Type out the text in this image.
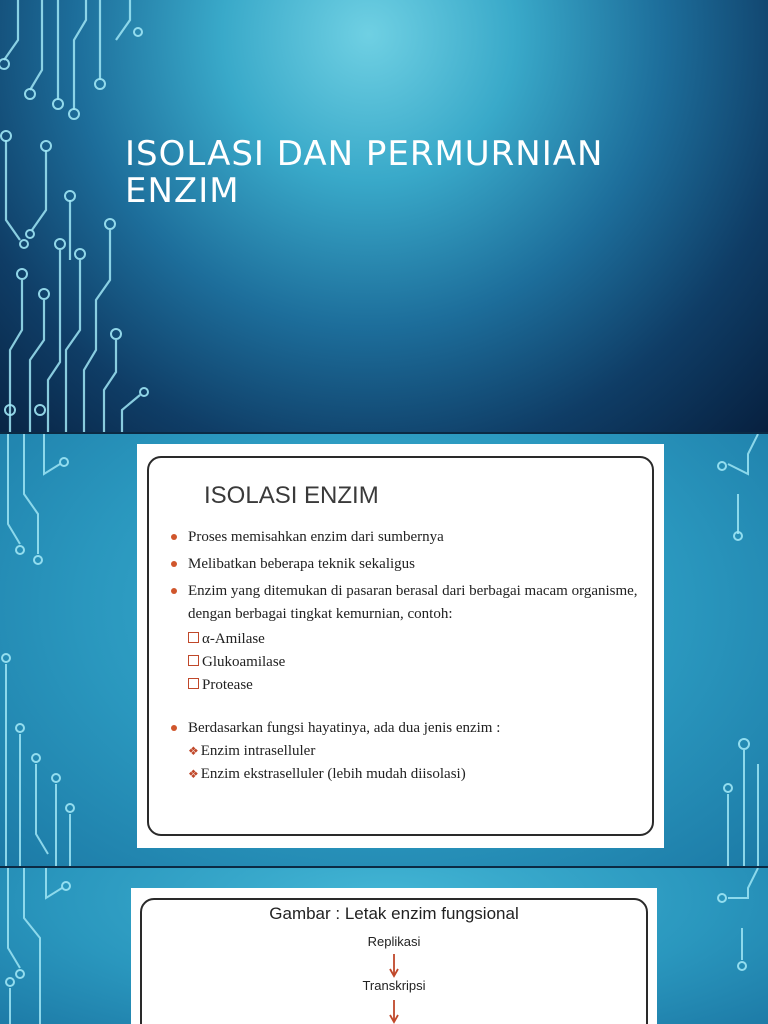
ISOLASI DAN PERMURNIAN
ENZIM
ISOLASI ENZIM
Proses memisahkan enzim dari sumbernya
Melibatkan beberapa teknik sekaligus
Enzim yang ditemukan di pasaran berasal dari berbagai macam organisme, dengan berbagai tingkat kemurnian, contoh:
α-Amilase
Glukoamilase
Protease
Berdasarkan fungsi hayatinya, ada dua jenis enzim :
❖ Enzim intraselluler
❖ Enzim ekstraselluler (lebih mudah diisolasi)
Gambar : Letak enzim fungsional
Replikasi
Transkripsi
